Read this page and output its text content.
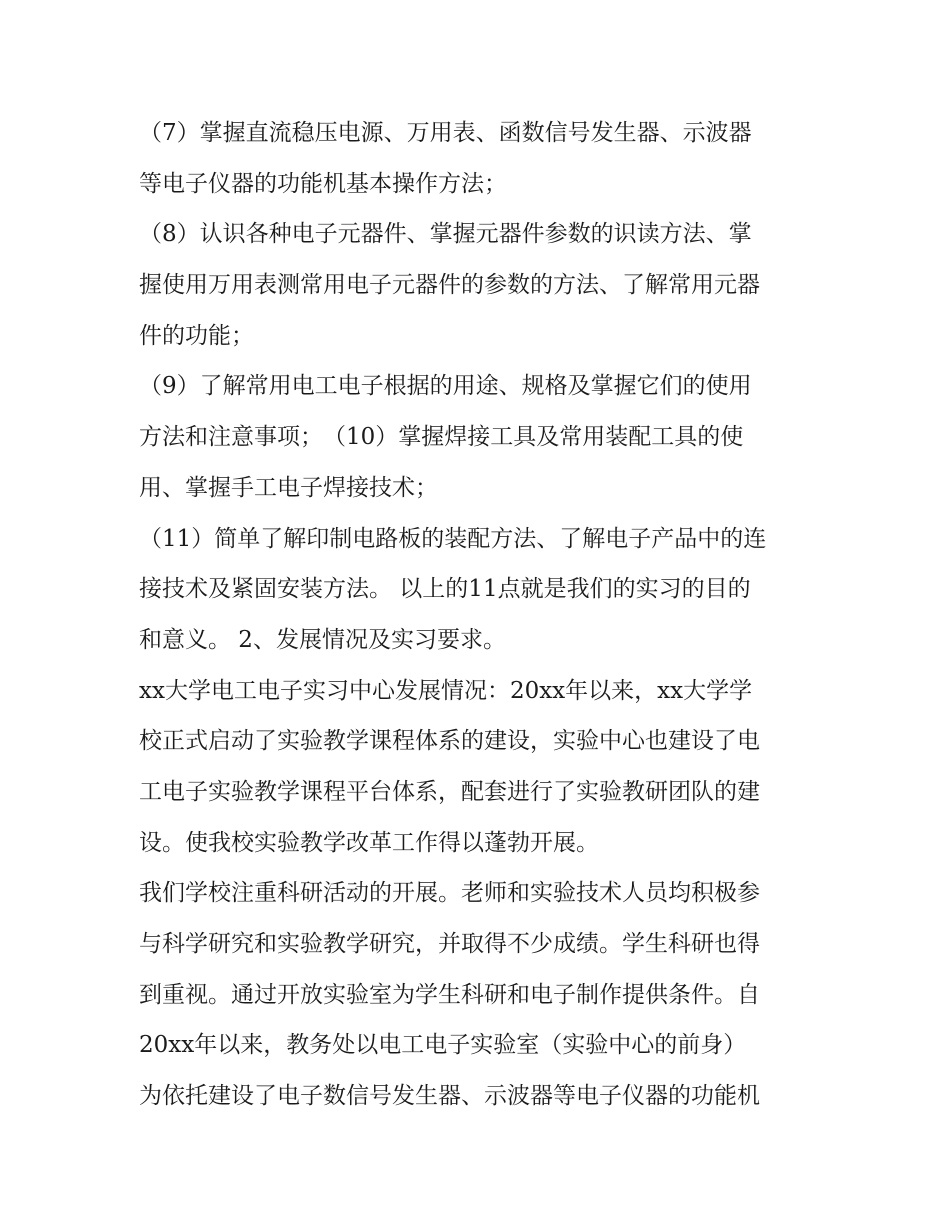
（7）掌握直流稳压电源、万用表、函数信号发生器、示波器
等电子仪器的功能机基本操作方法；
（8）认识各种电子元器件、掌握元器件参数的识读方法、掌
握使用万用表测常用电子元器件的参数的方法、了解常用元器
件的功能；
（9）了解常用电工电子根据的用途、规格及掌握它们的使用
方法和注意事项；　（10）掌握焊接工具及常用装配工具的使
用、掌握手工电子焊接技术；
（11）简单了解印制电路板的装配方法、了解电子产品中的连
接技术及紧固安装方法。 以上的11点就是我们的实习的目的
和意义。 2、发展情况及实习要求。
xx大学电工电子实习中心发展情况：20xx年以来，xx大学学
校正式启动了实验教学课程体系的建设，实验中心也建设了电
工电子实验教学课程平台体系，配套进行了实验教研团队的建
设。使我校实验教学改革工作得以蓬勃开展。
我们学校注重科研活动的开展。老师和实验技术人员均积极参
与科学研究和实验教学研究，并取得不少成绩。学生科研也得
到重视。通过开放实验室为学生科研和电子制作提供条件。自
20xx年以来，教务处以电工电子实验室（实验中心的前身）
为依托建设了电子数信号发生器、示波器等电子仪器的功能机
